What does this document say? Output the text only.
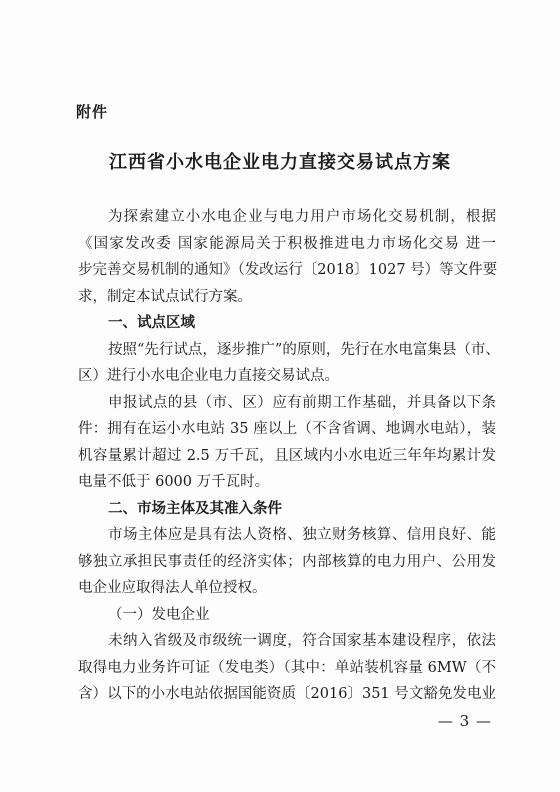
附件
江西省小水电企业电力直接交易试点方案
为探索建立小水电企业与电力用户市场化交易机制，根据
《国家发改委 国家能源局关于积极推进电力市场化交易 进一
步完善交易机制的通知》（发改运行〔2018〕1027 号）等文件要
求，制定本试点试行方案。
一、试点区域
按照“先行试点，逐步推广”的原则，先行在水电富集县（市、
区）进行小水电企业电力直接交易试点。
申报试点的县（市、区）应有前期工作基础，并具备以下条
件：拥有在运小水电站 35 座以上（不含省调、地调水电站），装
机容量累计超过 2.5 万千瓦，且区域内小水电近三年年均累计发
电量不低于 6000 万千瓦时。
二、市场主体及其准入条件
市场主体应是具有法人资格、独立财务核算、信用良好、能
够独立承担民事责任的经济实体；内部核算的电力用户、公用发
电企业应取得法人单位授权。
（一）发电企业
未纳入省级及市级统一调度，符合国家基本建设程序，依法
取得电力业务许可证（发电类）（其中：单站装机容量 6MW（不
含）以下的小水电站依据国能资质〔2016〕351 号文豁免发电业
— 3 —
